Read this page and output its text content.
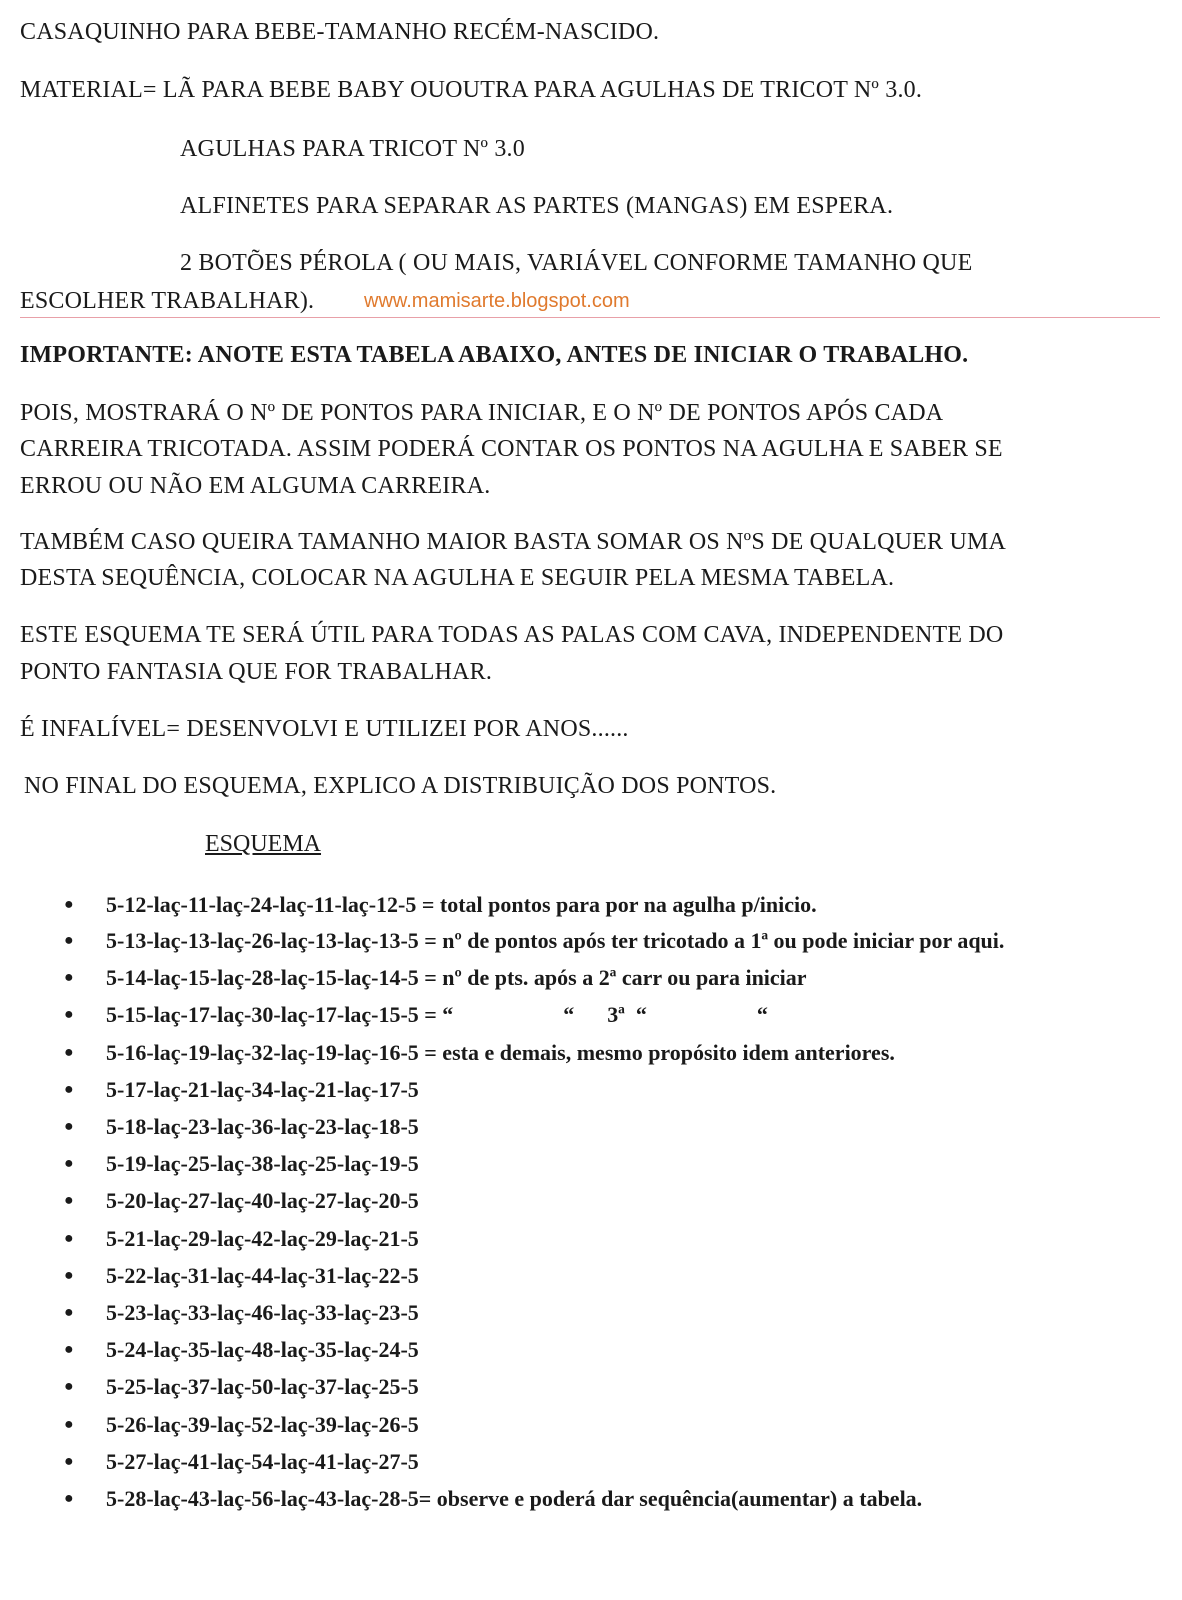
CASAQUINHO PARA BEBE-TAMANHO RECÉM-NASCIDO.
MATERIAL= LÃ PARA BEBE BABY OUOUTRA PARA AGULHAS DE TRICOT Nº 3.0.
AGULHAS PARA TRICOT Nº 3.0
ALFINETES PARA SEPARAR AS PARTES (MANGAS) EM ESPERA.
2 BOTÕES PÉROLA ( OU MAIS, VARIÁVEL CONFORME TAMANHO QUE
ESCOLHER TRABALHAR). www.mamisarte.blogspot.com
IMPORTANTE: ANOTE ESTA TABELA ABAIXO, ANTES DE INICIAR O TRABALHO.
POIS, MOSTRARÁ O Nº DE PONTOS PARA INICIAR, E O Nº DE PONTOS APÓS CADA
CARREIRA TRICOTADA. ASSIM PODERÁ CONTAR OS PONTOS NA AGULHA E SABER SE
ERROU OU NÃO EM ALGUMA CARREIRA.
TAMBÉM CASO QUEIRA TAMANHO MAIOR BASTA SOMAR OS NºS DE QUALQUER UMA
DESTA SEQUÊNCIA, COLOCAR NA AGULHA E SEGUIR PELA MESMA TABELA.
ESTE ESQUEMA TE SERÁ ÚTIL PARA TODAS AS PALAS COM CAVA, INDEPENDENTE DO
PONTO FANTASIA QUE FOR TRABALHAR.
É INFALÍVEL= DESENVOLVI E UTILIZEI POR ANOS......
NO FINAL DO ESQUEMA, EXPLICO A DISTRIBUIÇÃO DOS PONTOS.
ESQUEMA
● 5-12-laç-11-laç-24-laç-11-laç-12-5 = total pontos para por na agulha p/inicio.
● 5-13-laç-13-laç-26-laç-13-laç-13-5 = nº de pontos após ter tricotado a 1ª ou pode iniciar por aqui.
● 5-14-laç-15-laç-28-laç-15-laç-14-5 = nº de pts. após a 2ª carr ou para iniciar
● 5-15-laç-17-laç-30-laç-17-laç-15-5 = “                    “      3ª  “                    “
● 5-16-laç-19-laç-32-laç-19-laç-16-5 = esta e demais, mesmo propósito idem anteriores.
● 5-17-laç-21-laç-34-laç-21-laç-17-5
● 5-18-laç-23-laç-36-laç-23-laç-18-5
● 5-19-laç-25-laç-38-laç-25-laç-19-5
● 5-20-laç-27-laç-40-laç-27-laç-20-5
● 5-21-laç-29-laç-42-laç-29-laç-21-5
● 5-22-laç-31-laç-44-laç-31-laç-22-5
● 5-23-laç-33-laç-46-laç-33-laç-23-5
● 5-24-laç-35-laç-48-laç-35-laç-24-5
● 5-25-laç-37-laç-50-laç-37-laç-25-5
● 5-26-laç-39-laç-52-laç-39-laç-26-5
● 5-27-laç-41-laç-54-laç-41-laç-27-5
● 5-28-laç-43-laç-56-laç-43-laç-28-5= observe e poderá dar sequência(aumentar) a tabela.
